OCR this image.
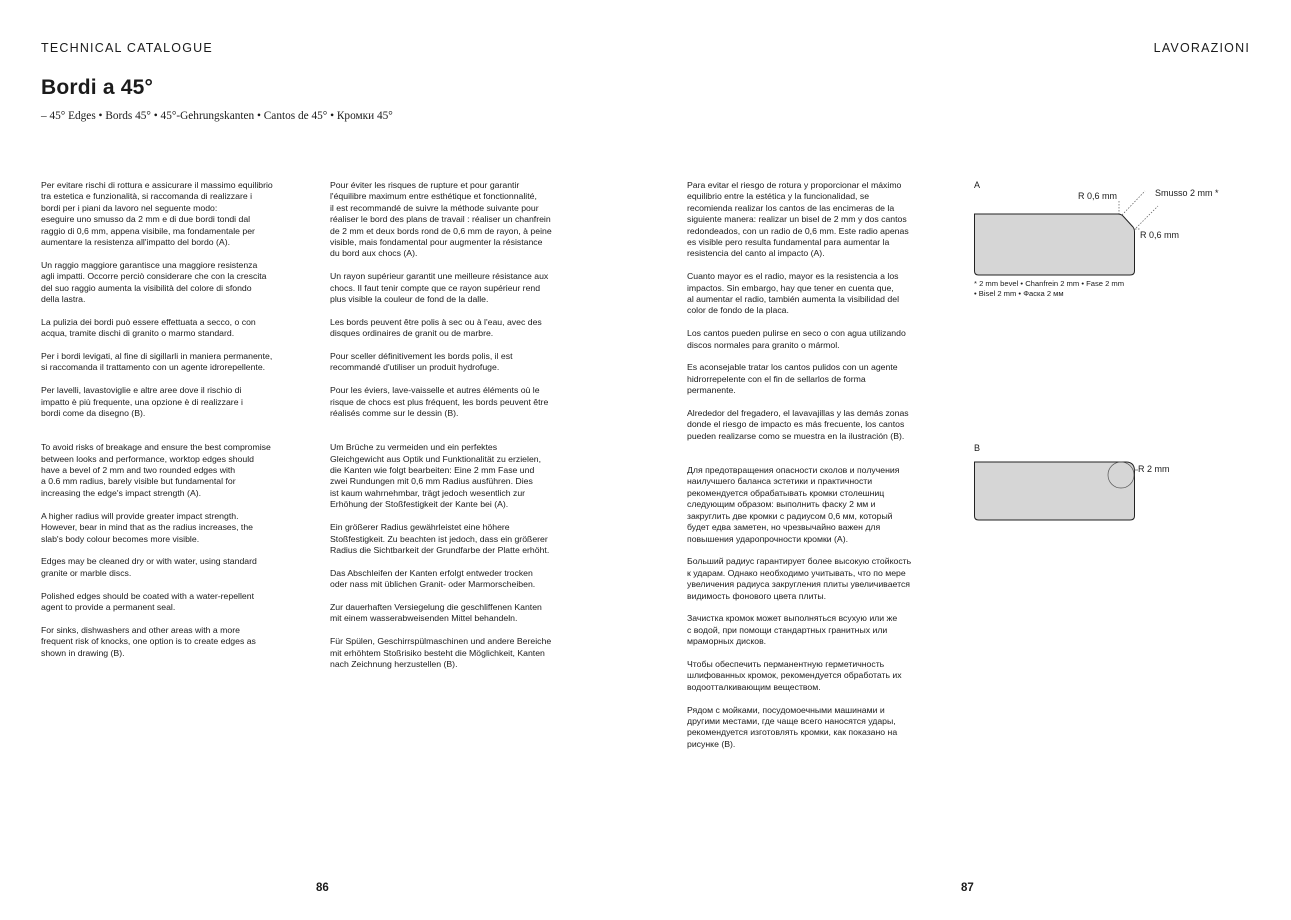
TECHNICAL CATALOGUE	LAVORAZIONI
Bordi a 45°
– 45° Edges • Bords 45° • 45°-Gehrungskanten • Cantos de 45° • Кромки 45°

Per evitare rischi di rottura e assicurare il massimo equilibrio
tra estetica e funzionalità, si raccomanda di realizzare i
bordi per i piani da lavoro nel seguente modo:
eseguire uno smusso da 2 mm e di due bordi tondi dal
raggio di 0,6 mm, appena visibile, ma fondamentale per
aumentare la resistenza all'impatto del bordo (A).

Un raggio maggiore garantisce una maggiore resistenza
agli impatti. Occorre perciò considerare che con la crescita
del suo raggio aumenta la visibilità del colore di sfondo
della lastra.

La pulizia dei bordi può essere effettuata a secco, o con
acqua, tramite dischi di granito o marmo standard.

Per i bordi levigati, al fine di sigillarli in maniera permanente,
si raccomanda il trattamento con un agente idrorepellente.

Per lavelli, lavastoviglie e altre aree dove il rischio di
impatto è più frequente, una opzione è di realizzare i
bordi come da disegno (B).

To avoid risks of breakage and ensure the best compromise
between looks and performance, worktop edges should
have a bevel of 2 mm and two rounded edges with
a 0.6 mm radius, barely visible but fundamental for
increasing the edge's impact strength (A).

A higher radius will provide greater impact strength.
However, bear in mind that as the radius increases, the
slab's body colour becomes more visible.

Edges may be cleaned dry or with water, using standard
granite or marble discs.

Polished edges should be coated with a water-repellent
agent to provide a permanent seal.

For sinks, dishwashers and other areas with a more
frequent risk of knocks, one option is to create edges as
shown in drawing (B).

Pour éviter les risques de rupture et pour garantir
l'équilibre maximum entre esthétique et fonctionnalité,
il est recommandé de suivre la méthode suivante pour
réaliser le bord des plans de travail : réaliser un chanfrein
de 2 mm et deux bords rond de 0,6 mm de rayon, à peine
visible, mais fondamental pour augmenter la résistance
du bord aux chocs (A).

Un rayon supérieur garantit une meilleure résistance aux
chocs. Il faut tenir compte que ce rayon supérieur rend
plus visible la couleur de fond de la dalle.

Les bords peuvent être polis à sec ou à l'eau, avec des
disques ordinaires de granit ou de marbre.

Pour sceller définitivement les bords polis, il est
recommandé d'utiliser un produit hydrofuge.

Pour les éviers, lave-vaisselle et autres éléments où le
risque de chocs est plus fréquent, les bords peuvent être
réalisés comme sur le dessin (B).

Um Brüche zu vermeiden und ein perfektes
Gleichgewicht aus Optik und Funktionalität zu erzielen,
die Kanten wie folgt bearbeiten: Eine 2 mm Fase und
zwei Rundungen mit 0,6 mm Radius ausführen. Dies
ist kaum wahrnehmbar, trägt jedoch wesentlich zur
Erhöhung der Stoßfestigkeit der Kante bei (A).

Ein größerer Radius gewährleistet eine höhere
Stoßfestigkeit. Zu beachten ist jedoch, dass ein größerer
Radius die Sichtbarkeit der Grundfarbe der Platte erhöht.

Das Abschleifen der Kanten erfolgt entweder trocken
oder nass mit üblichen Granit- oder Marmorscheiben.

Zur dauerhaften Versiegelung die geschliffenen Kanten
mit einem wasserabweisenden Mittel behandeln.

Für Spülen, Geschirrspülmaschinen und andere Bereiche
mit erhöhtem Stoßrisiko besteht die Möglichkeit, Kanten
nach Zeichnung herzustellen (B).

Para evitar el riesgo de rotura y proporcionar el máximo
equilibrio entre la estética y la funcionalidad, se
recomienda realizar los cantos de las encimeras de la
siguiente manera: realizar un bisel de 2 mm y dos cantos
redondeados, con un radio de 0,6 mm. Este radio apenas
es visible pero resulta fundamental para aumentar la
resistencia del canto al impacto (A).

Cuanto mayor es el radio, mayor es la resistencia a los
impactos. Sin embargo, hay que tener en cuenta que,
al aumentar el radio, también aumenta la visibilidad del
color de fondo de la placa.

Los cantos pueden pulirse en seco o con agua utilizando
discos normales para granito o mármol.

Es aconsejable tratar los cantos pulidos con un agente
hidrorrepelente con el fin de sellarlos de forma
permanente.

Alrededor del fregadero, el lavavajillas y las demás zonas
donde el riesgo de impacto es más frecuente, los cantos
pueden realizarse como se muestra en la ilustración (B).

Для предотвращения опасности сколов и получения
наилучшего баланса эстетики и практичности
рекомендуется обрабатывать кромки столешниц
следующим образом: выполнить фаску 2 мм и
закруглить две кромки с радиусом 0,6 мм, который
будет едва заметен, но чрезвычайно важен для
повышения ударопрочности кромки (А).

Больший радиус гарантирует более высокую стойкость
к ударам. Однако необходимо учитывать, что по мере
увеличения радиуса закругления плиты увеличивается
видимость фонового цвета плиты.

Зачистка кромок может выполняться всухую или же
с водой, при помощи стандартных гранитных или
мраморных дисков.

Чтобы обеспечить перманентную герметичность
шлифованных кромок, рекомендуется обработать их
водоотталкивающим веществом.

Рядом с мойками, посудомоечными машинами и
другими местами, где чаще всего наносятся удары,
рекомендуется изготовлять кромки, как показано на
рисунке (В).

A
R 0,6 mm	Smusso 2 mm *
R 0,6 mm
* 2 mm bevel • Chanfrein 2 mm • Fase 2 mm
• Bisel 2 mm • Фаска 2 мм
B
R 2 mm
86	87
